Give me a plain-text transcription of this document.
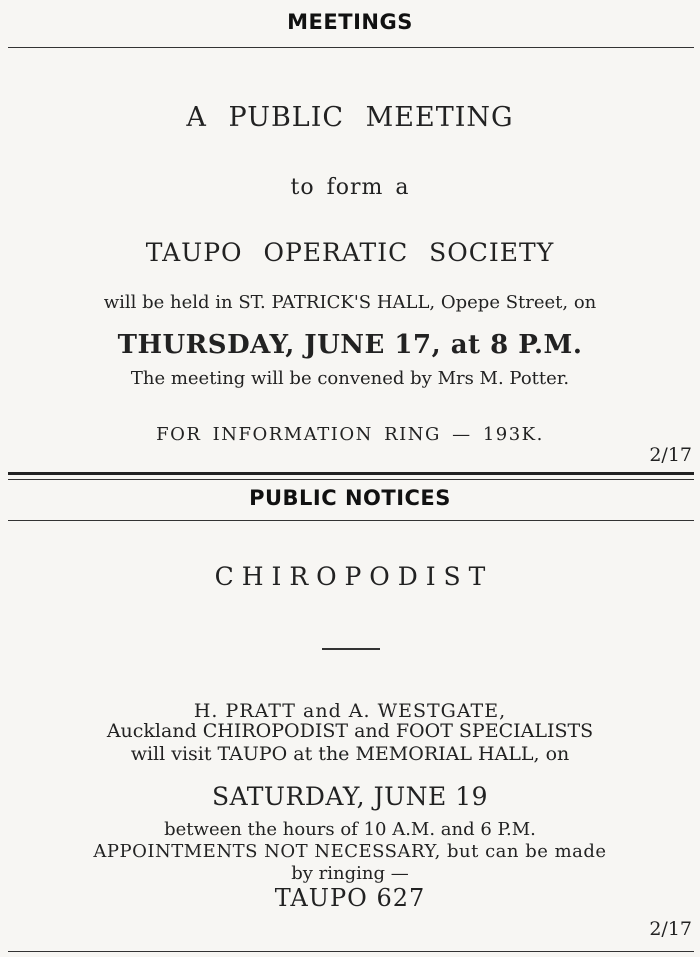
MEETINGS
A PUBLIC MEETING
to form a
TAUPO OPERATIC SOCIETY
will be held in ST. PATRICK'S HALL, Opepe Street, on
THURSDAY, JUNE 17, at 8 P.M.
The meeting will be convened by Mrs M. Potter.
FOR INFORMATION RING — 193K.
2/17
PUBLIC NOTICES
C H I R O P O D I S T
H. PRATT and A. WESTGATE,
Auckland CHIROPODIST and FOOT SPECIALISTS
will visit TAUPO at the MEMORIAL HALL, on
SATURDAY, JUNE 19
between the hours of 10 A.M. and 6 P.M.
APPOINTMENTS NOT NECESSARY, but can be made
by ringing —
TAUPO 627
2/17
